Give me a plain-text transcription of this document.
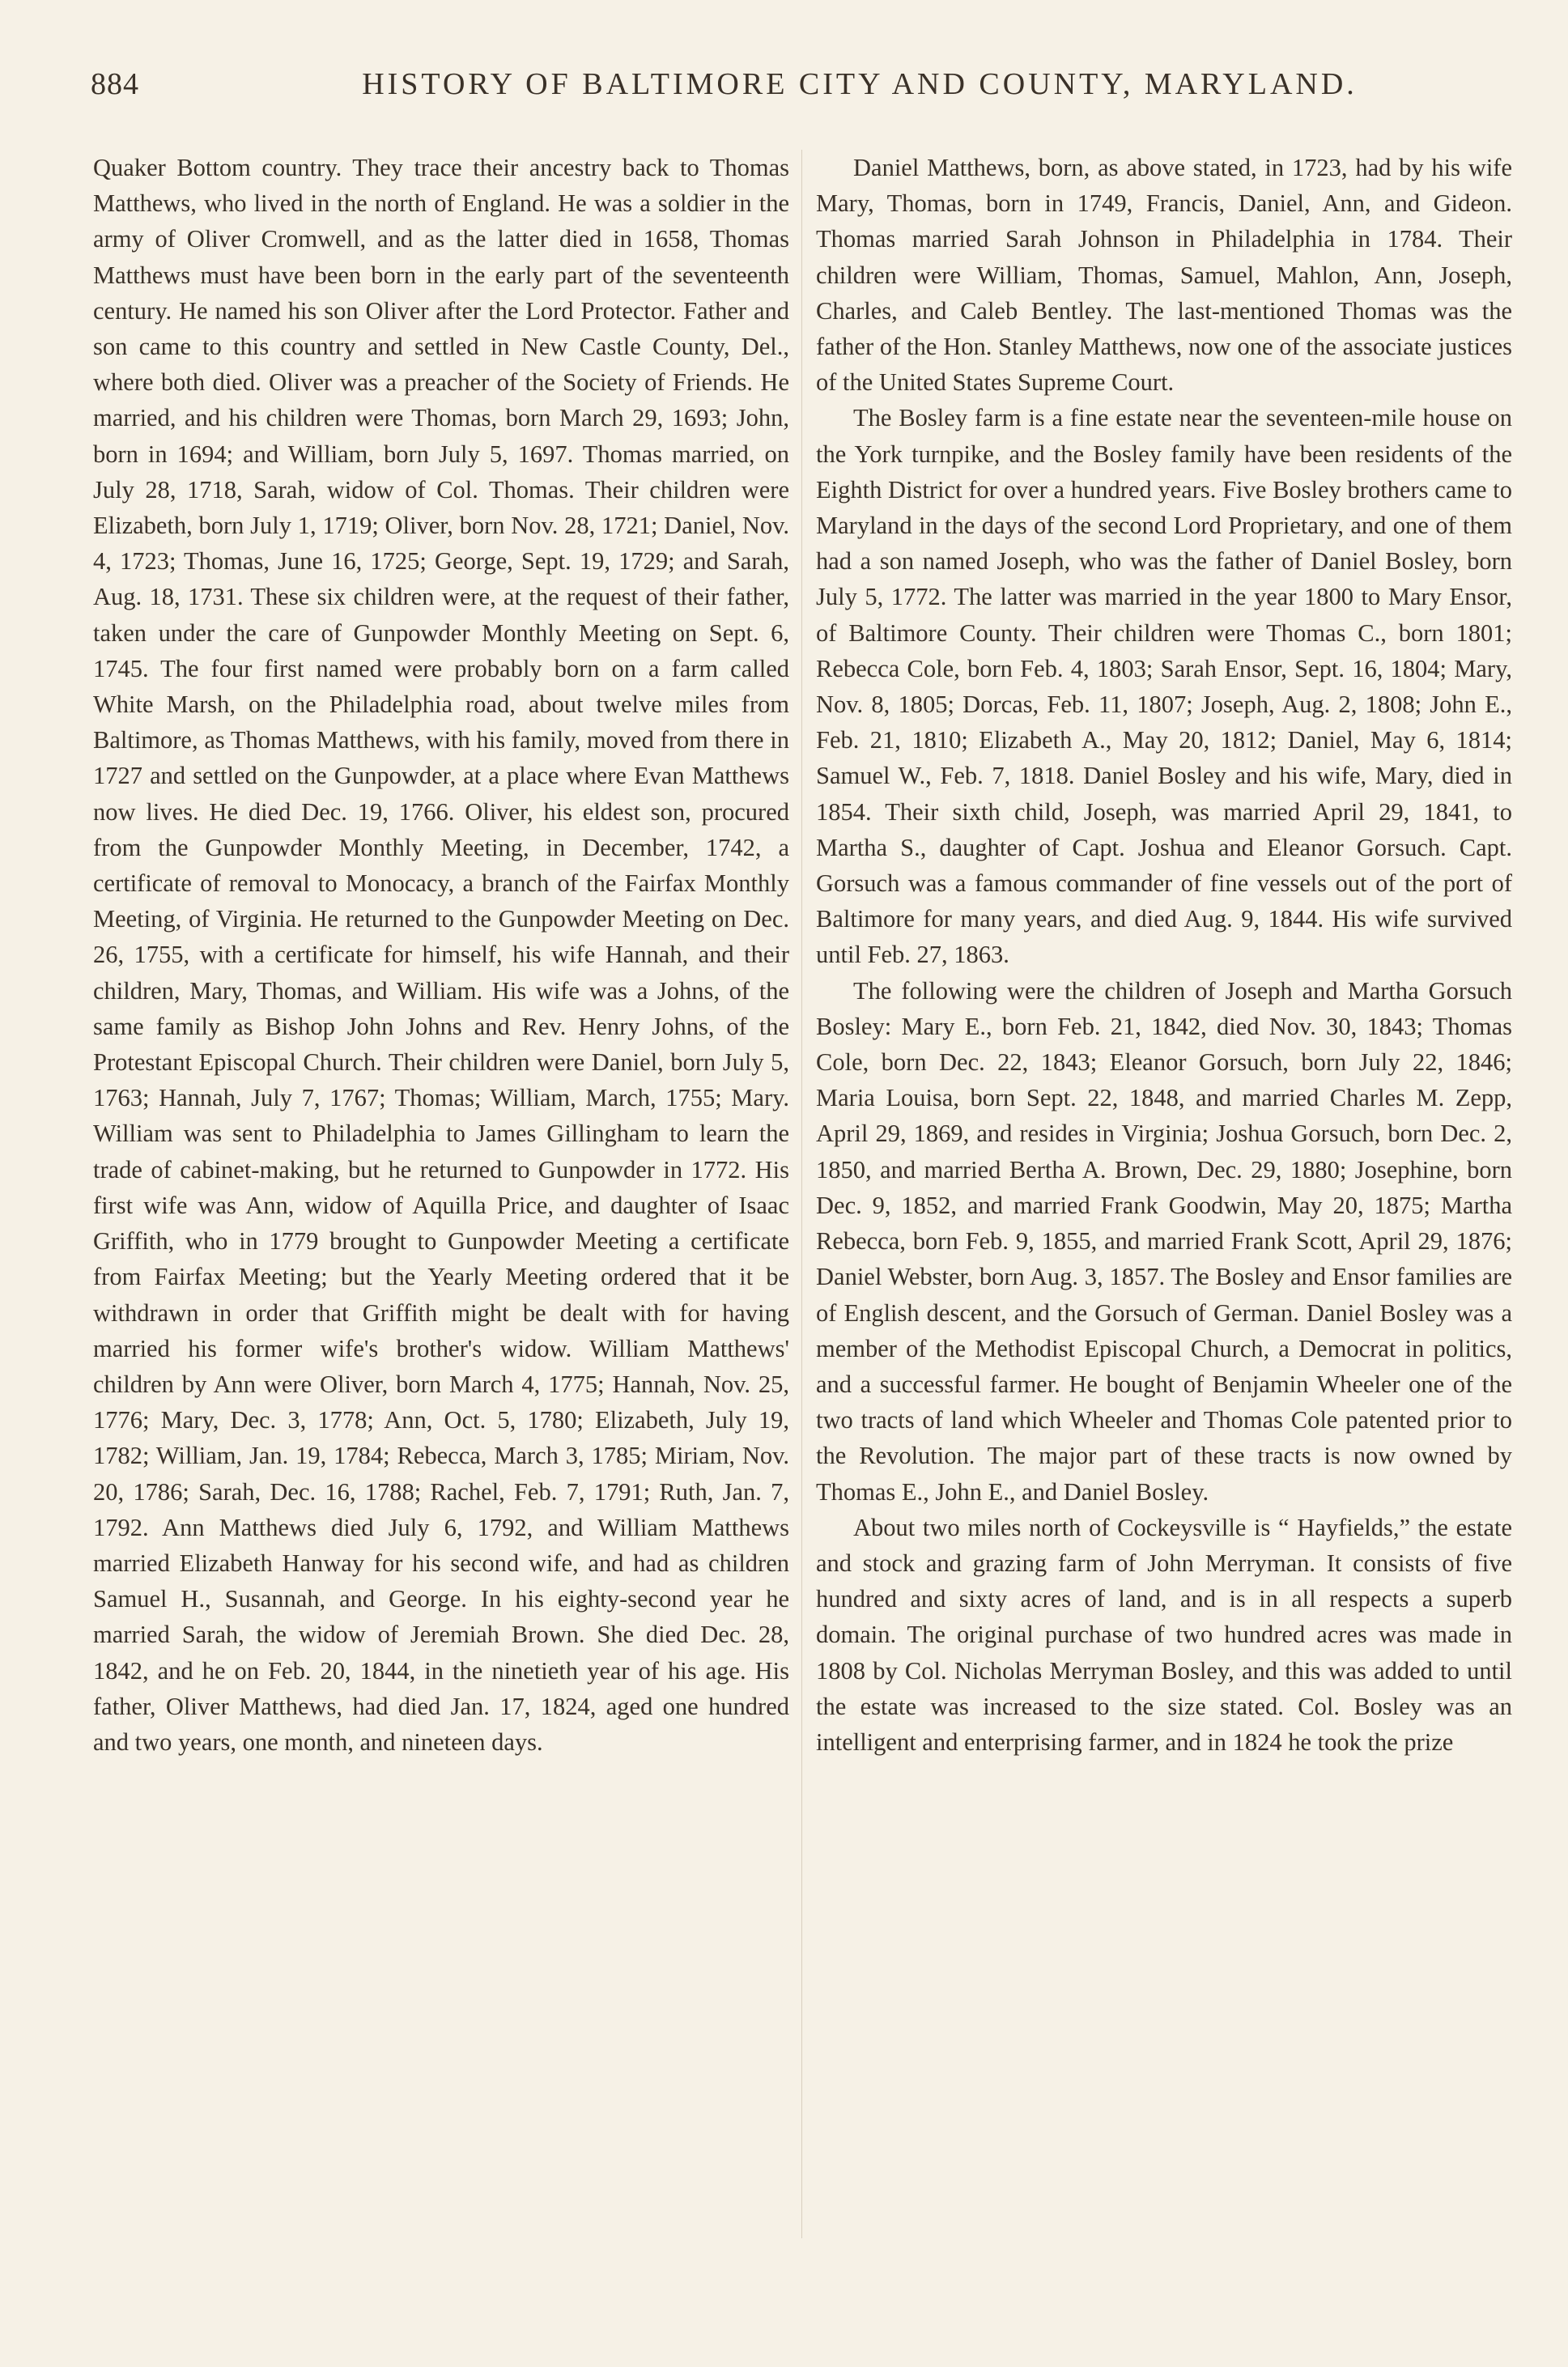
884	HISTORY OF BALTIMORE CITY AND COUNTY, MARYLAND.

Quaker Bottom country. They trace their ancestry back to Thomas Matthews, who lived in the north of England. He was a soldier in the army of Oliver Cromwell, and as the latter died in 1658, Thomas Matthews must have been born in the early part of the seventeenth century. He named his son Oliver after the Lord Protector. Father and son came to this country and settled in New Castle County, Del., where both died. Oliver was a preacher of the Society of Friends. He married, and his children were Thomas, born March 29, 1693; John, born in 1694; and William, born July 5, 1697. Thomas married, on July 28, 1718, Sarah, widow of Col. Thomas. Their children were Elizabeth, born July 1, 1719; Oliver, born Nov. 28, 1721; Daniel, Nov. 4, 1723; Thomas, June 16, 1725; George, Sept. 19, 1729; and Sarah, Aug. 18, 1731. These six children were, at the request of their father, taken under the care of Gunpowder Monthly Meeting on Sept. 6, 1745. The four first named were probably born on a farm called White Marsh, on the Philadelphia road, about twelve miles from Baltimore, as Thomas Matthews, with his family, moved from there in 1727 and settled on the Gunpowder, at a place where Evan Matthews now lives. He died Dec. 19, 1766. Oliver, his eldest son, procured from the Gunpowder Monthly Meeting, in December, 1742, a certificate of removal to Monocacy, a branch of the Fairfax Monthly Meeting, of Virginia. He returned to the Gunpowder Meeting on Dec. 26, 1755, with a certificate for himself, his wife Hannah, and their children, Mary, Thomas, and William. His wife was a Johns, of the same family as Bishop John Johns and Rev. Henry Johns, of the Protestant Episcopal Church. Their children were Daniel, born July 5, 1763; Hannah, July 7, 1767; Thomas; William, March, 1755; Mary. William was sent to Philadelphia to James Gillingham to learn the trade of cabinet-making, but he returned to Gunpowder in 1772. His first wife was Ann, widow of Aquilla Price, and daughter of Isaac Griffith, who in 1779 brought to Gunpowder Meeting a certificate from Fairfax Meeting; but the Yearly Meeting ordered that it be withdrawn in order that Griffith might be dealt with for having married his former wife's brother's widow. William Matthews' children by Ann were Oliver, born March 4, 1775; Hannah, Nov. 25, 1776; Mary, Dec. 3, 1778; Ann, Oct. 5, 1780; Elizabeth, July 19, 1782; William, Jan. 19, 1784; Rebecca, March 3, 1785; Miriam, Nov. 20, 1786; Sarah, Dec. 16, 1788; Rachel, Feb. 7, 1791; Ruth, Jan. 7, 1792. Ann Matthews died July 6, 1792, and William Matthews married Elizabeth Hanway for his second wife, and had as children Samuel H., Susannah, and George. In his eighty-second year he married Sarah, the widow of Jeremiah Brown. She died Dec. 28, 1842, and he on Feb. 20, 1844, in the ninetieth year of his age. His father, Oliver Matthews, had died Jan. 17, 1824, aged one hundred and two years, one month, and nineteen days.

Daniel Matthews, born, as above stated, in 1723, had by his wife Mary, Thomas, born in 1749, Francis, Daniel, Ann, and Gideon. Thomas married Sarah Johnson in Philadelphia in 1784. Their children were William, Thomas, Samuel, Mahlon, Ann, Joseph, Charles, and Caleb Bentley. The last-mentioned Thomas was the father of the Hon. Stanley Matthews, now one of the associate justices of the United States Supreme Court.

The Bosley farm is a fine estate near the seventeen-mile house on the York turnpike, and the Bosley family have been residents of the Eighth District for over a hundred years. Five Bosley brothers came to Maryland in the days of the second Lord Proprietary, and one of them had a son named Joseph, who was the father of Daniel Bosley, born July 5, 1772. The latter was married in the year 1800 to Mary Ensor, of Baltimore County. Their children were Thomas C., born 1801; Rebecca Cole, born Feb. 4, 1803; Sarah Ensor, Sept. 16, 1804; Mary, Nov. 8, 1805; Dorcas, Feb. 11, 1807; Joseph, Aug. 2, 1808; John E., Feb. 21, 1810; Elizabeth A., May 20, 1812; Daniel, May 6, 1814; Samuel W., Feb. 7, 1818. Daniel Bosley and his wife, Mary, died in 1854. Their sixth child, Joseph, was married April 29, 1841, to Martha S., daughter of Capt. Joshua and Eleanor Gorsuch. Capt. Gorsuch was a famous commander of fine vessels out of the port of Baltimore for many years, and died Aug. 9, 1844. His wife survived until Feb. 27, 1863.

The following were the children of Joseph and Martha Gorsuch Bosley: Mary E., born Feb. 21, 1842, died Nov. 30, 1843; Thomas Cole, born Dec. 22, 1843; Eleanor Gorsuch, born July 22, 1846; Maria Louisa, born Sept. 22, 1848, and married Charles M. Zepp, April 29, 1869, and resides in Virginia; Joshua Gorsuch, born Dec. 2, 1850, and married Bertha A. Brown, Dec. 29, 1880; Josephine, born Dec. 9, 1852, and married Frank Goodwin, May 20, 1875; Martha Rebecca, born Feb. 9, 1855, and married Frank Scott, April 29, 1876; Daniel Webster, born Aug. 3, 1857. The Bosley and Ensor families are of English descent, and the Gorsuch of German. Daniel Bosley was a member of the Methodist Episcopal Church, a Democrat in politics, and a successful farmer. He bought of Benjamin Wheeler one of the two tracts of land which Wheeler and Thomas Cole patented prior to the Revolution. The major part of these tracts is now owned by Thomas E., John E., and Daniel Bosley.

About two miles north of Cockeysville is “ Hayfields,” the estate and stock and grazing farm of John Merryman. It consists of five hundred and sixty acres of land, and is in all respects a superb domain. The original purchase of two hundred acres was made in 1808 by Col. Nicholas Merryman Bosley, and this was added to until the estate was increased to the size stated. Col. Bosley was an intelligent and enterprising farmer, and in 1824 he took the prize
